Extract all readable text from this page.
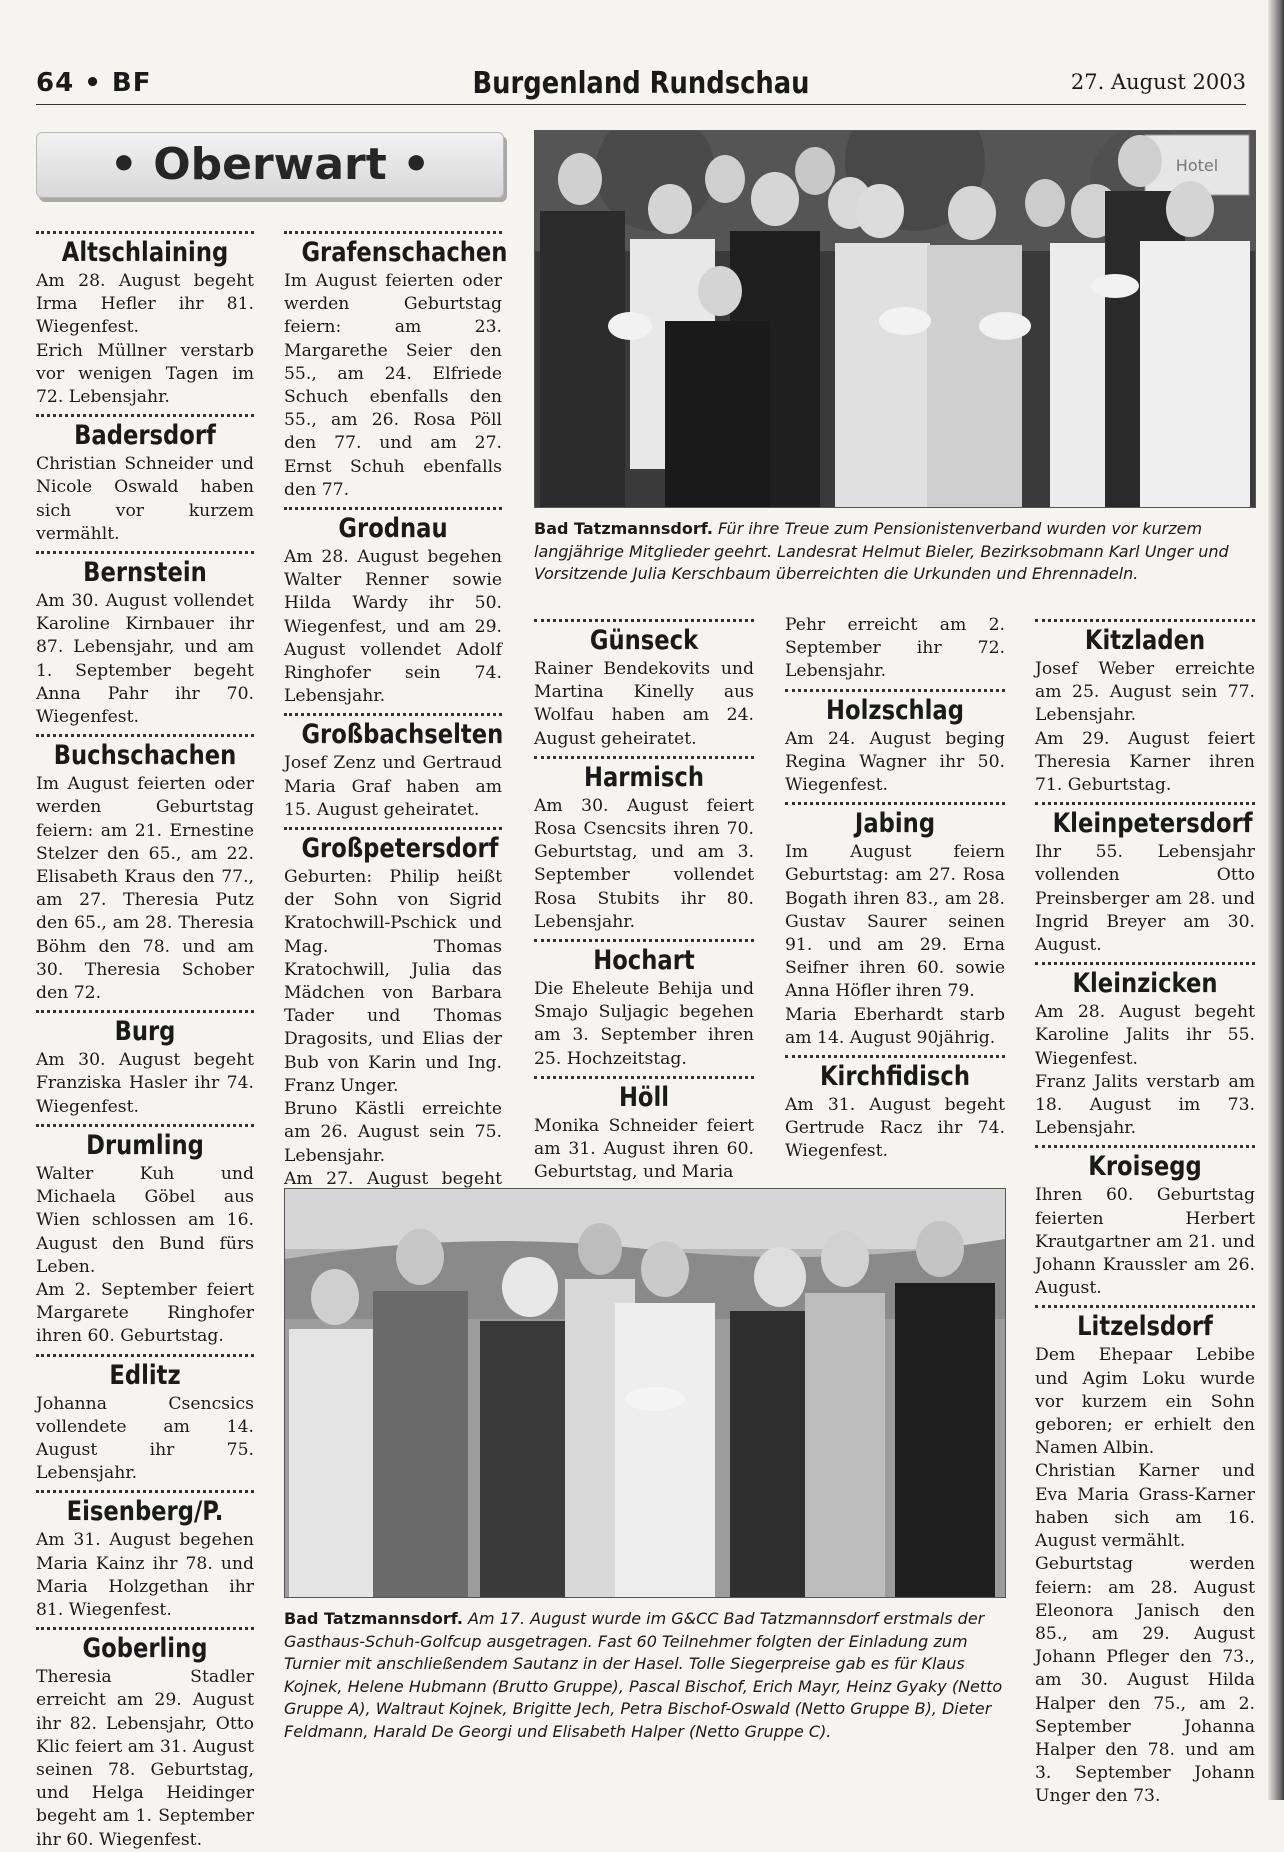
64 • BF	Burgenland Rundschau	27. August 2003
• Oberwart •
Altschlaining

Am 28. August begeht Irma Hefler ihr 81. Wiegenfest.

Erich Müllner verstarb vor wenigen Tagen im 72. Lebensjahr.

Badersdorf

Christian Schneider und Nicole Oswald haben sich vor kurzem vermählt.

Bernstein

Am 30. August vollendet Karoline Kirnbauer ihr 87. Lebensjahr, und am 1. September begeht Anna Pahr ihr 70. Wiegenfest.

Buchschachen

Im August feierten oder werden Geburtstag feiern: am 21. Ernestine Stelzer den 65., am 22. Elisabeth Kraus den 77., am 27. Theresia Putz den 65., am 28. Theresia Böhm den 78. und am 30. Theresia Schober den 72.

Burg

Am 30. August begeht Franziska Hasler ihr 74. Wiegenfest.

Drumling

Walter Kuh und Michaela Göbel aus Wien schlossen am 16. August den Bund fürs Leben.

Am 2. September feiert Margarete Ringhofer ihren 60. Geburtstag.

Edlitz

Johanna Csencsics vollendete am 14. August ihr 75. Lebensjahr.

Eisenberg/P.

Am 31. August begehen Maria Kainz ihr 78. und Maria Holzgethan ihr 81. Wiegenfest.

Goberling

Theresia Stadler erreicht am 29. August ihr 82. Lebensjahr, Otto Klic feiert am 31. August seinen 78. Geburtstag, und Helga Heidinger begeht am 1. September ihr 60. Wiegenfest.

Grafenschachen

Im August feierten oder werden Geburtstag feiern: am 23. Margarethe Seier den 55., am 24. Elfriede Schuch ebenfalls den 55., am 26. Rosa Pöll den 77. und am 27. Ernst Schuh ebenfalls den 77.

Grodnau

Am 28. August begehen Walter Renner sowie Hilda Wardy ihr 50. Wiegenfest, und am 29. August vollendet Adolf Ringhofer sein 74. Lebensjahr.

Großbachselten

Josef Zenz und Gertraud Maria Graf haben am 15. August geheiratet.

Großpetersdorf

Geburten: Philip heißt der Sohn von Sigrid Kratochwill-Pschick und Mag. Thomas Kratochwill, Julia das Mädchen von Barbara Tader und Thomas Dragosits, und Elias der Bub von Karin und Ing. Franz Unger.

Bruno Kästli erreichte am 26. August sein 75. Lebensjahr.

Am 27. August begeht

Günseck

Rainer Bendekovits und Martina Kinelly aus Wolfau haben am 24. August geheiratet.

Harmisch

Am 30. August feiert Rosa Csencsits ihren 70. Geburtstag, und am 3. September vollendet Rosa Stubits ihr 80. Lebensjahr.

Hochart

Die Eheleute Behija und Smajo Suljagic begehen am 3. September ihren 25. Hochzeitstag.

Höll

Monika Schneider feiert am 31. August ihren 60. Geburtstag, und Maria

Pehr erreicht am 2. September ihr 72. Lebensjahr.

Holzschlag

Am 24. August beging Regina Wagner ihr 50. Wiegenfest.

Jabing

Im August feiern Geburtstag: am 27. Rosa Bogath ihren 83., am 28. Gustav Saurer seinen 91. und am 29. Erna Seifner ihren 60. sowie Anna Höfler ihren 79.

Maria Eberhardt starb am 14. August 90jährig.

Kirchfidisch

Am 31. August begeht Gertrude Racz ihr 74. Wiegenfest.

Kitzladen

Josef Weber erreichte am 25. August sein 77. Lebensjahr.

Am 29. August feiert Theresia Karner ihren 71. Geburtstag.

Kleinpetersdorf

Ihr 55. Lebensjahr vollenden Otto Preinsberger am 28. und Ingrid Breyer am 30. August.

Kleinzicken

Am 28. August begeht Karoline Jalits ihr 55. Wiegenfest.

Franz Jalits verstarb am 18. August im 73. Lebensjahr.

Kroisegg

Ihren 60. Geburtstag feierten Herbert Krautgartner am 21. und Johann Kraussler am 26. August.

Litzelsdorf

Dem Ehepaar Lebibe und Agim Loku wurde vor kurzem ein Sohn geboren; er erhielt den Namen Albin.

Christian Karner und Eva Maria Grass-Karner haben sich am 16. August vermählt.

Geburtstag werden feiern: am 28. August Eleonora Janisch den 85., am 29. August Johann Pfleger den 73., am 30. August Hilda Halper den 75., am 2. September Johanna Halper den 78. und am 3. September Johann Unger den 73.

Hotel
Bad Tatzmannsdorf. Für ihre Treue zum Pensionistenverband wurden vor kurzem langjährige Mitglieder geehrt. Landesrat Helmut Bieler, Bezirksobmann Karl Unger und Vorsitzende Julia Kerschbaum überreichten die Urkunden und Ehrennadeln.
Bad Tatzmannsdorf. Am 17. August wurde im G&CC Bad Tatzmannsdorf erstmals der Gasthaus-Schuh-Golfcup ausgetragen. Fast 60 Teilnehmer folgten der Einladung zum Turnier mit anschließendem Sautanz in der Hasel. Tolle Siegerpreise gab es für Klaus Kojnek, Helene Hubmann (Brutto Gruppe), Pascal Bischof, Erich Mayr, Heinz Gyaky (Netto Gruppe A), Waltraut Kojnek, Brigitte Jech, Petra Bischof-Oswald (Netto Gruppe B), Dieter Feldmann, Harald De Georgi und Elisabeth Halper (Netto Gruppe C).
